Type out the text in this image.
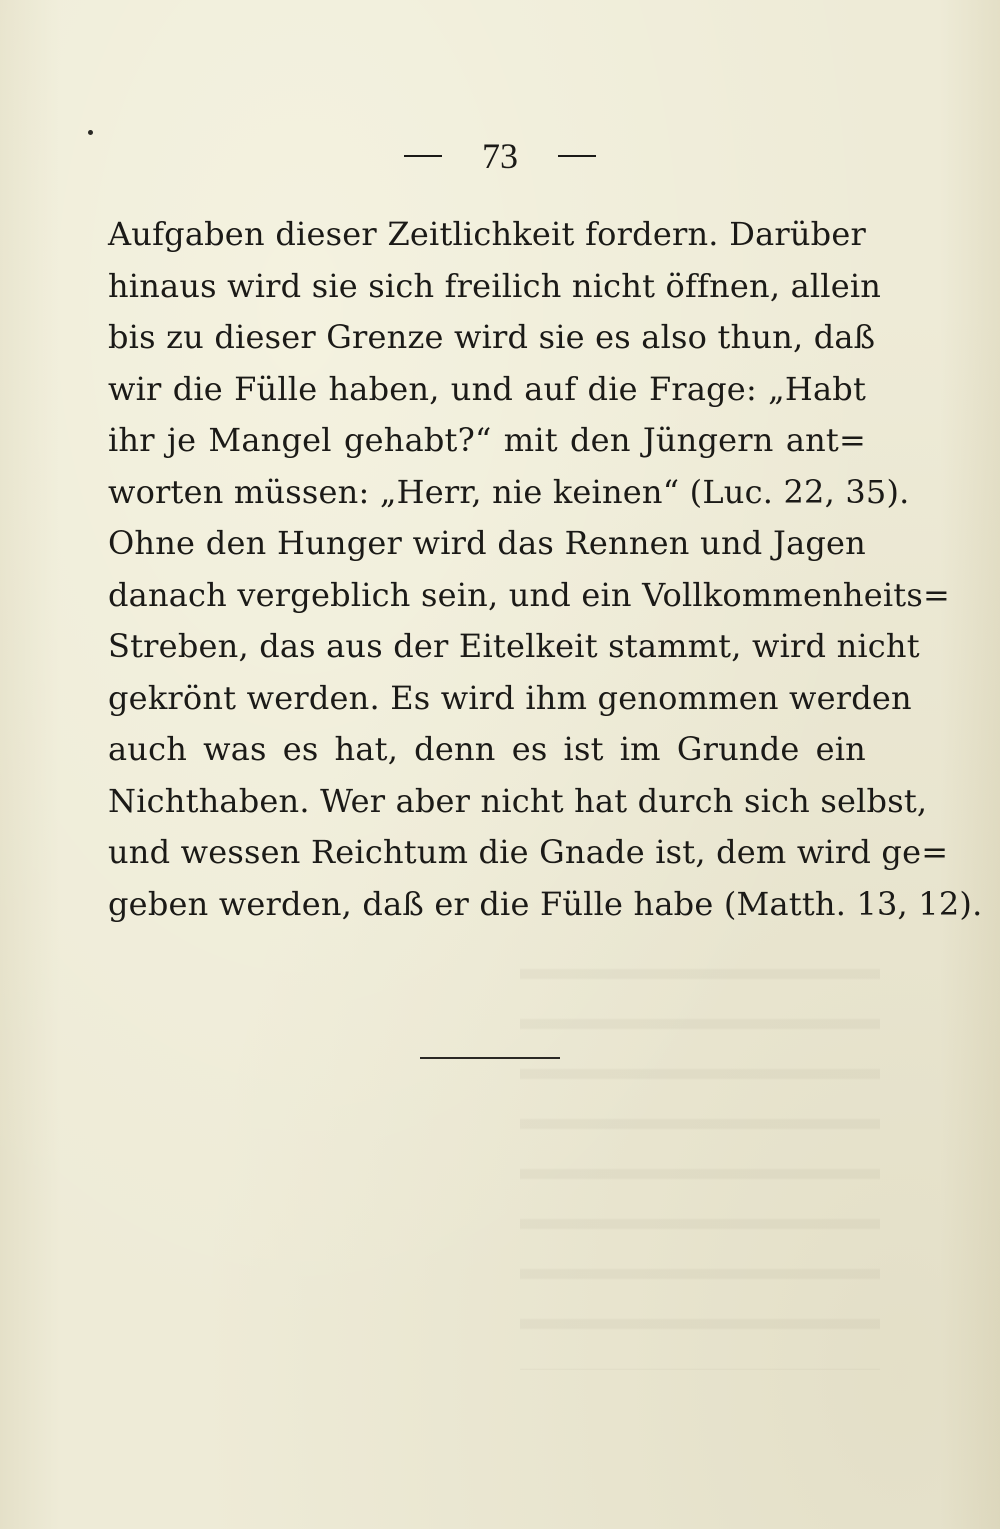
73
Aufgaben dieser Zeitlichkeit fordern. Darüber
hinaus wird sie sich freilich nicht öffnen, allein
bis zu dieser Grenze wird sie es also thun, daß
wir die Fülle haben, und auf die Frage: „Habt
ihr je Mangel gehabt?“ mit den Jüngern ant=
worten müssen: „Herr, nie keinen“ (Luc. 22, 35).
Ohne den Hunger wird das Rennen und Jagen
danach vergeblich sein, und ein Vollkommenheits=
Streben, das aus der Eitelkeit stammt, wird nicht
gekrönt werden. Es wird ihm genommen werden
auch was es hat, denn es ist im Grunde ein
Nichthaben. Wer aber nicht hat durch sich selbst,
und wessen Reichtum die Gnade ist, dem wird ge=
geben werden, daß er die Fülle habe (Matth. 13, 12).
